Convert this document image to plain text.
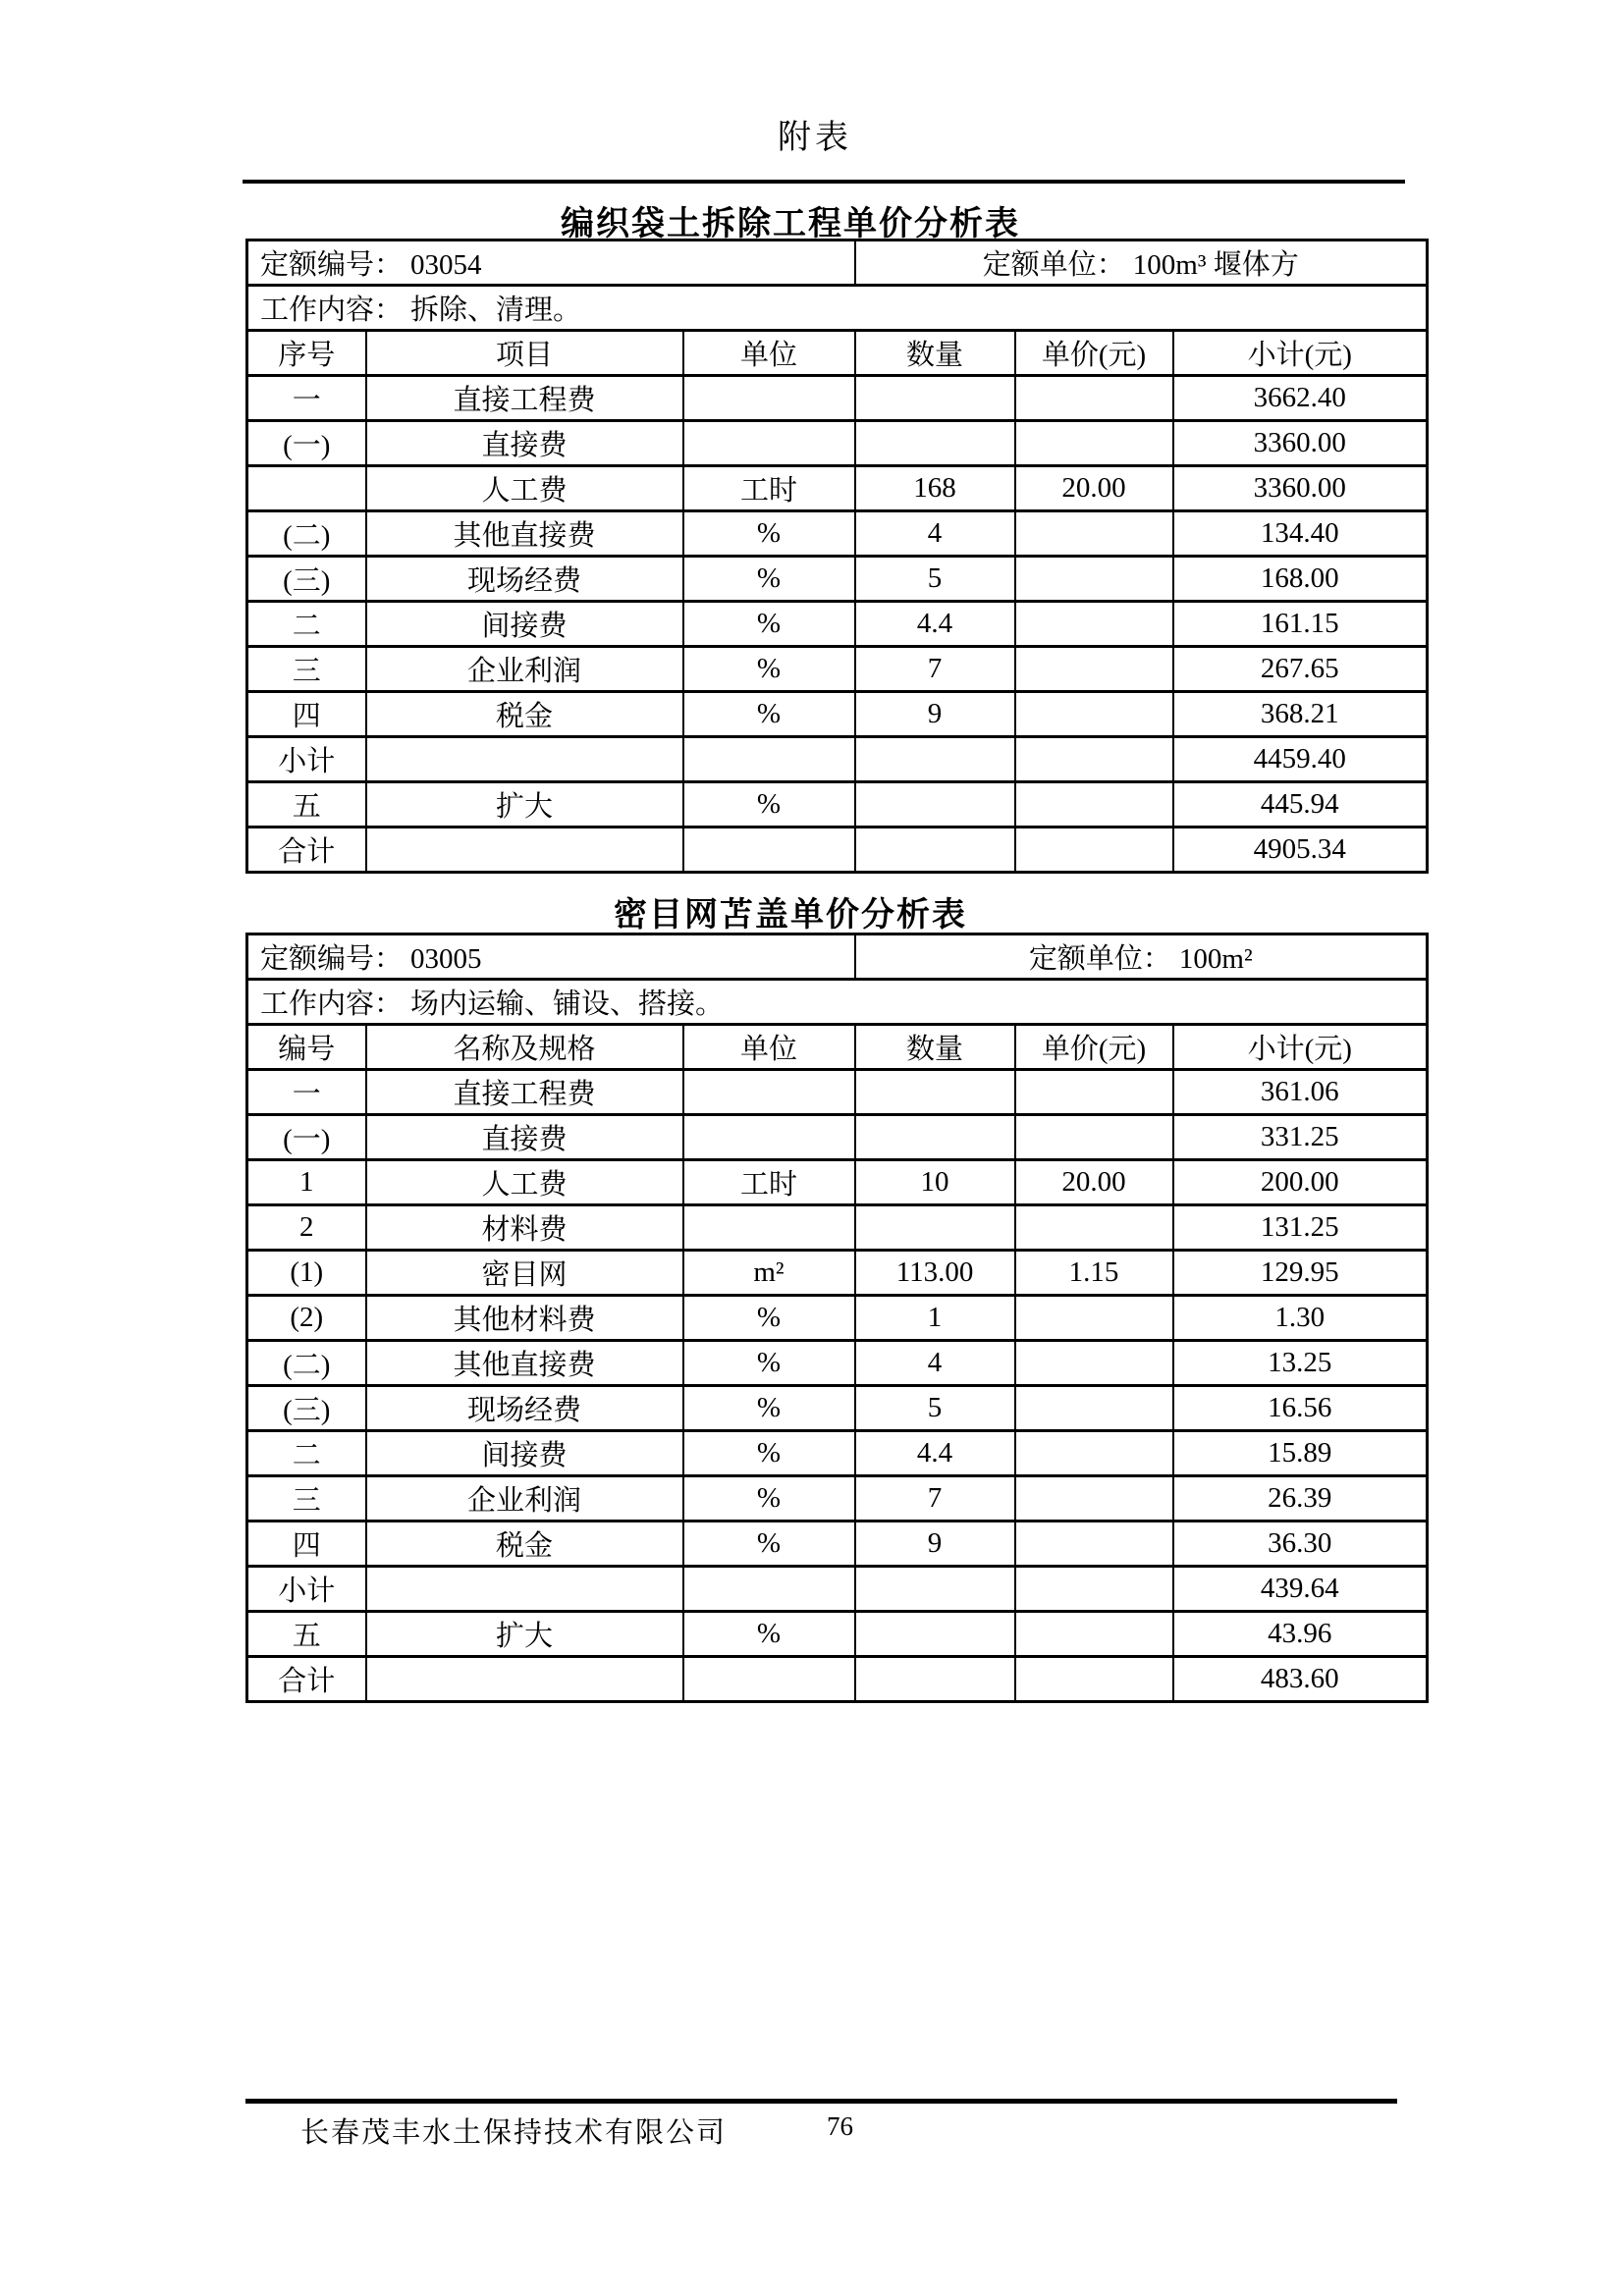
附表
编织袋土拆除工程单价分析表
定额编号： 03054			定额单位： 100m³ 堰体方		
工作内容： 拆除、清理。					
序号	项目	单位	数量	单价(元)	小计(元)
一	直接工程费				3662.40
(一)	直接费				3360.00
	人工费	工时	168	20.00	3360.00
(二)	其他直接费	%	4		134.40
(三)	现场经费	%	5		168.00
二	间接费	%	4.4		161.15
三	企业利润	%	7		267.65
四	税金	%	9		368.21
小计					4459.40
五	扩大	%			445.94
合计					4905.34
密目网苫盖单价分析表
定额编号： 03005			定额单位： 100m²		
工作内容： 场内运输、铺设、搭接。					
编号	名称及规格	单位	数量	单价(元)	小计(元)
一	直接工程费				361.06
(一)	直接费				331.25
1	人工费	工时	10	20.00	200.00
2	材料费				131.25
(1)	密目网	m²	113.00	1.15	129.95
(2)	其他材料费	%	1		1.30
(二)	其他直接费	%	4		13.25
(三)	现场经费	%	5		16.56
二	间接费	%	4.4		15.89
三	企业利润	%	7		26.39
四	税金	%	9		36.30
小计					439.64
五	扩大	%			43.96
合计					483.60
长春茂丰水土保持技术有限公司	76
